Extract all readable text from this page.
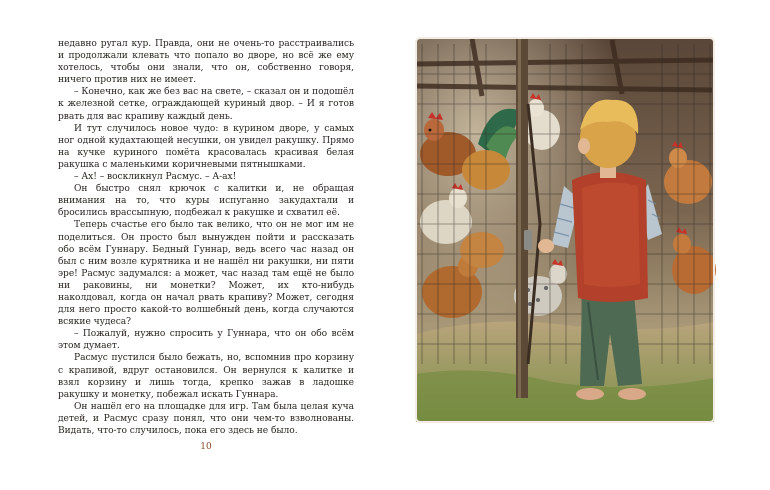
недавно ругал кур. Правда, они не очень-то расстраивались и продолжали клевать что попало во дворе, но всё же ему хотелось, чтобы они знали, что он, собственно говоря, ничего против них не имеет.

– Конечно, как же без вас на свете, – сказал он и подошёл к железной сетке, ограждающей куриный двор. – И я готов рвать для вас крапиву каждый день.

И тут случилось новое чудо: в курином дворе, у самых ног одной кудахтающей несушки, он увидел ракушку. Прямо на кучке куриного помёта красовалась красивая белая ракушка с маленькими коричневыми пятнышками.

– Ах! – воскликнул Расмус. – А-ах!

Он быстро снял крючок с калитки и, не обращая внимания на то, что куры испуганно закудахтали и бросились врассыпную, подбежал к ракушке и схватил её.

Теперь счастье его было так велико, что он не мог им не поделиться. Он просто был вынужден пойти и рассказать обо всём Гуннару. Бедный Гуннар, ведь всего час назад он был с ним возле курятника и не нашёл ни ракушки, ни пяти эре! Расмус задумался: а может, час назад там ещё не было ни раковины, ни монетки? Может, их кто-нибудь наколдовал, когда он начал рвать крапиву? Может, сегодня для него просто какой-то волшебный день, когда случаются всякие чудеса?

– Пожалуй, нужно спросить у Гуннара, что он обо всём этом думает.

Расмус пустился было бежать, но, вспомнив про корзину с крапивой, вдруг остановился. Он вернулся к калитке и взял корзину и лишь тогда, крепко зажав в ладошке ракушку и монетку, побежал искать Гуннара.

Он нашёл его на площадке для игр. Там была целая куча детей, и Расмус сразу понял, что они чем-то взволнованы. Видать, что-то случилось, пока его здесь не было.

10
